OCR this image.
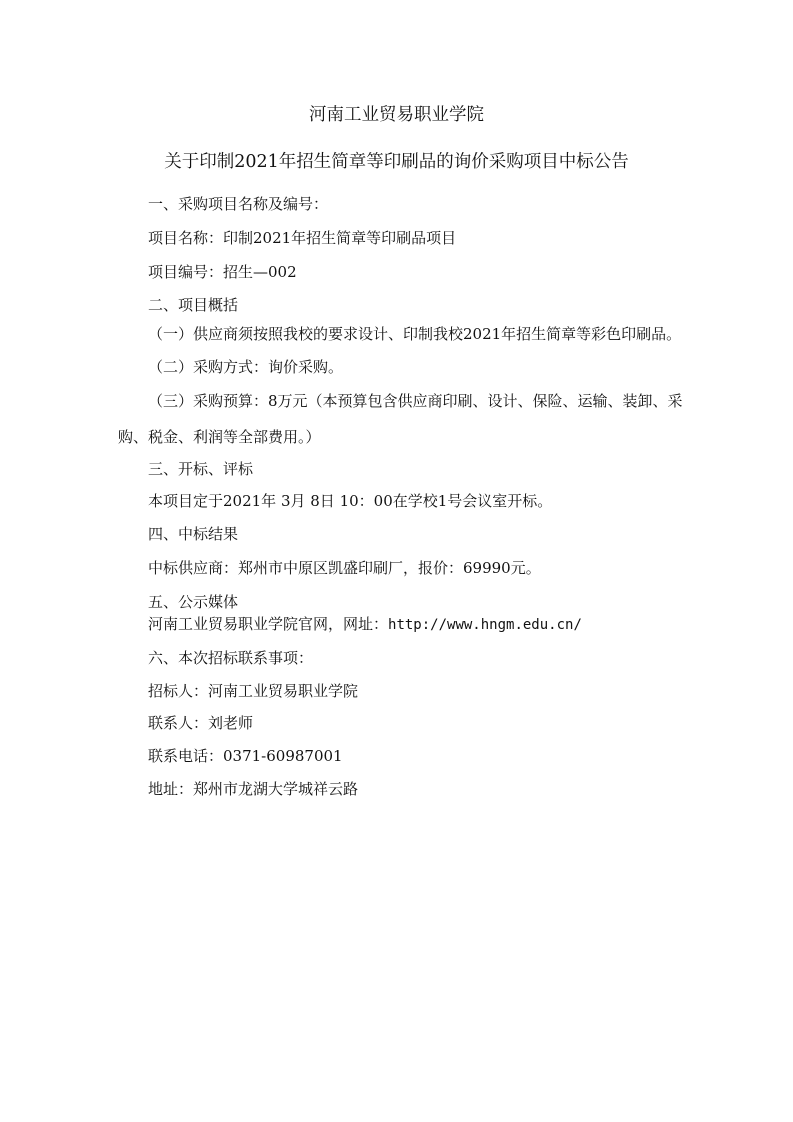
河南工业贸易职业学院
关于印制2021年招生简章等印刷品的询价采购项目中标公告
一、采购项目名称及编号：
项目名称：印制2021年招生简章等印刷品项目
项目编号：招生—002
二、项目概括
（一）供应商须按照我校的要求设计、印制我校2021年招生简章等彩色印刷品。
（二）采购方式：询价采购。
（三）采购预算：8万元（本预算包含供应商印刷、设计、保险、运输、装卸、采
购、税金、利润等全部费用。）
三、开标、评标
本项目定于2021年 3月 8日 10：00在学校1号会议室开标。
四、中标结果
中标供应商：郑州市中原区凯盛印刷厂，报价：69990元。
五、公示媒体
河南工业贸易职业学院官网，网址：http://www.hngm.edu.cn/
六、本次招标联系事项：
招标人：河南工业贸易职业学院
联系人：刘老师
联系电话：0371-60987001
地址：郑州市龙湖大学城祥云路
